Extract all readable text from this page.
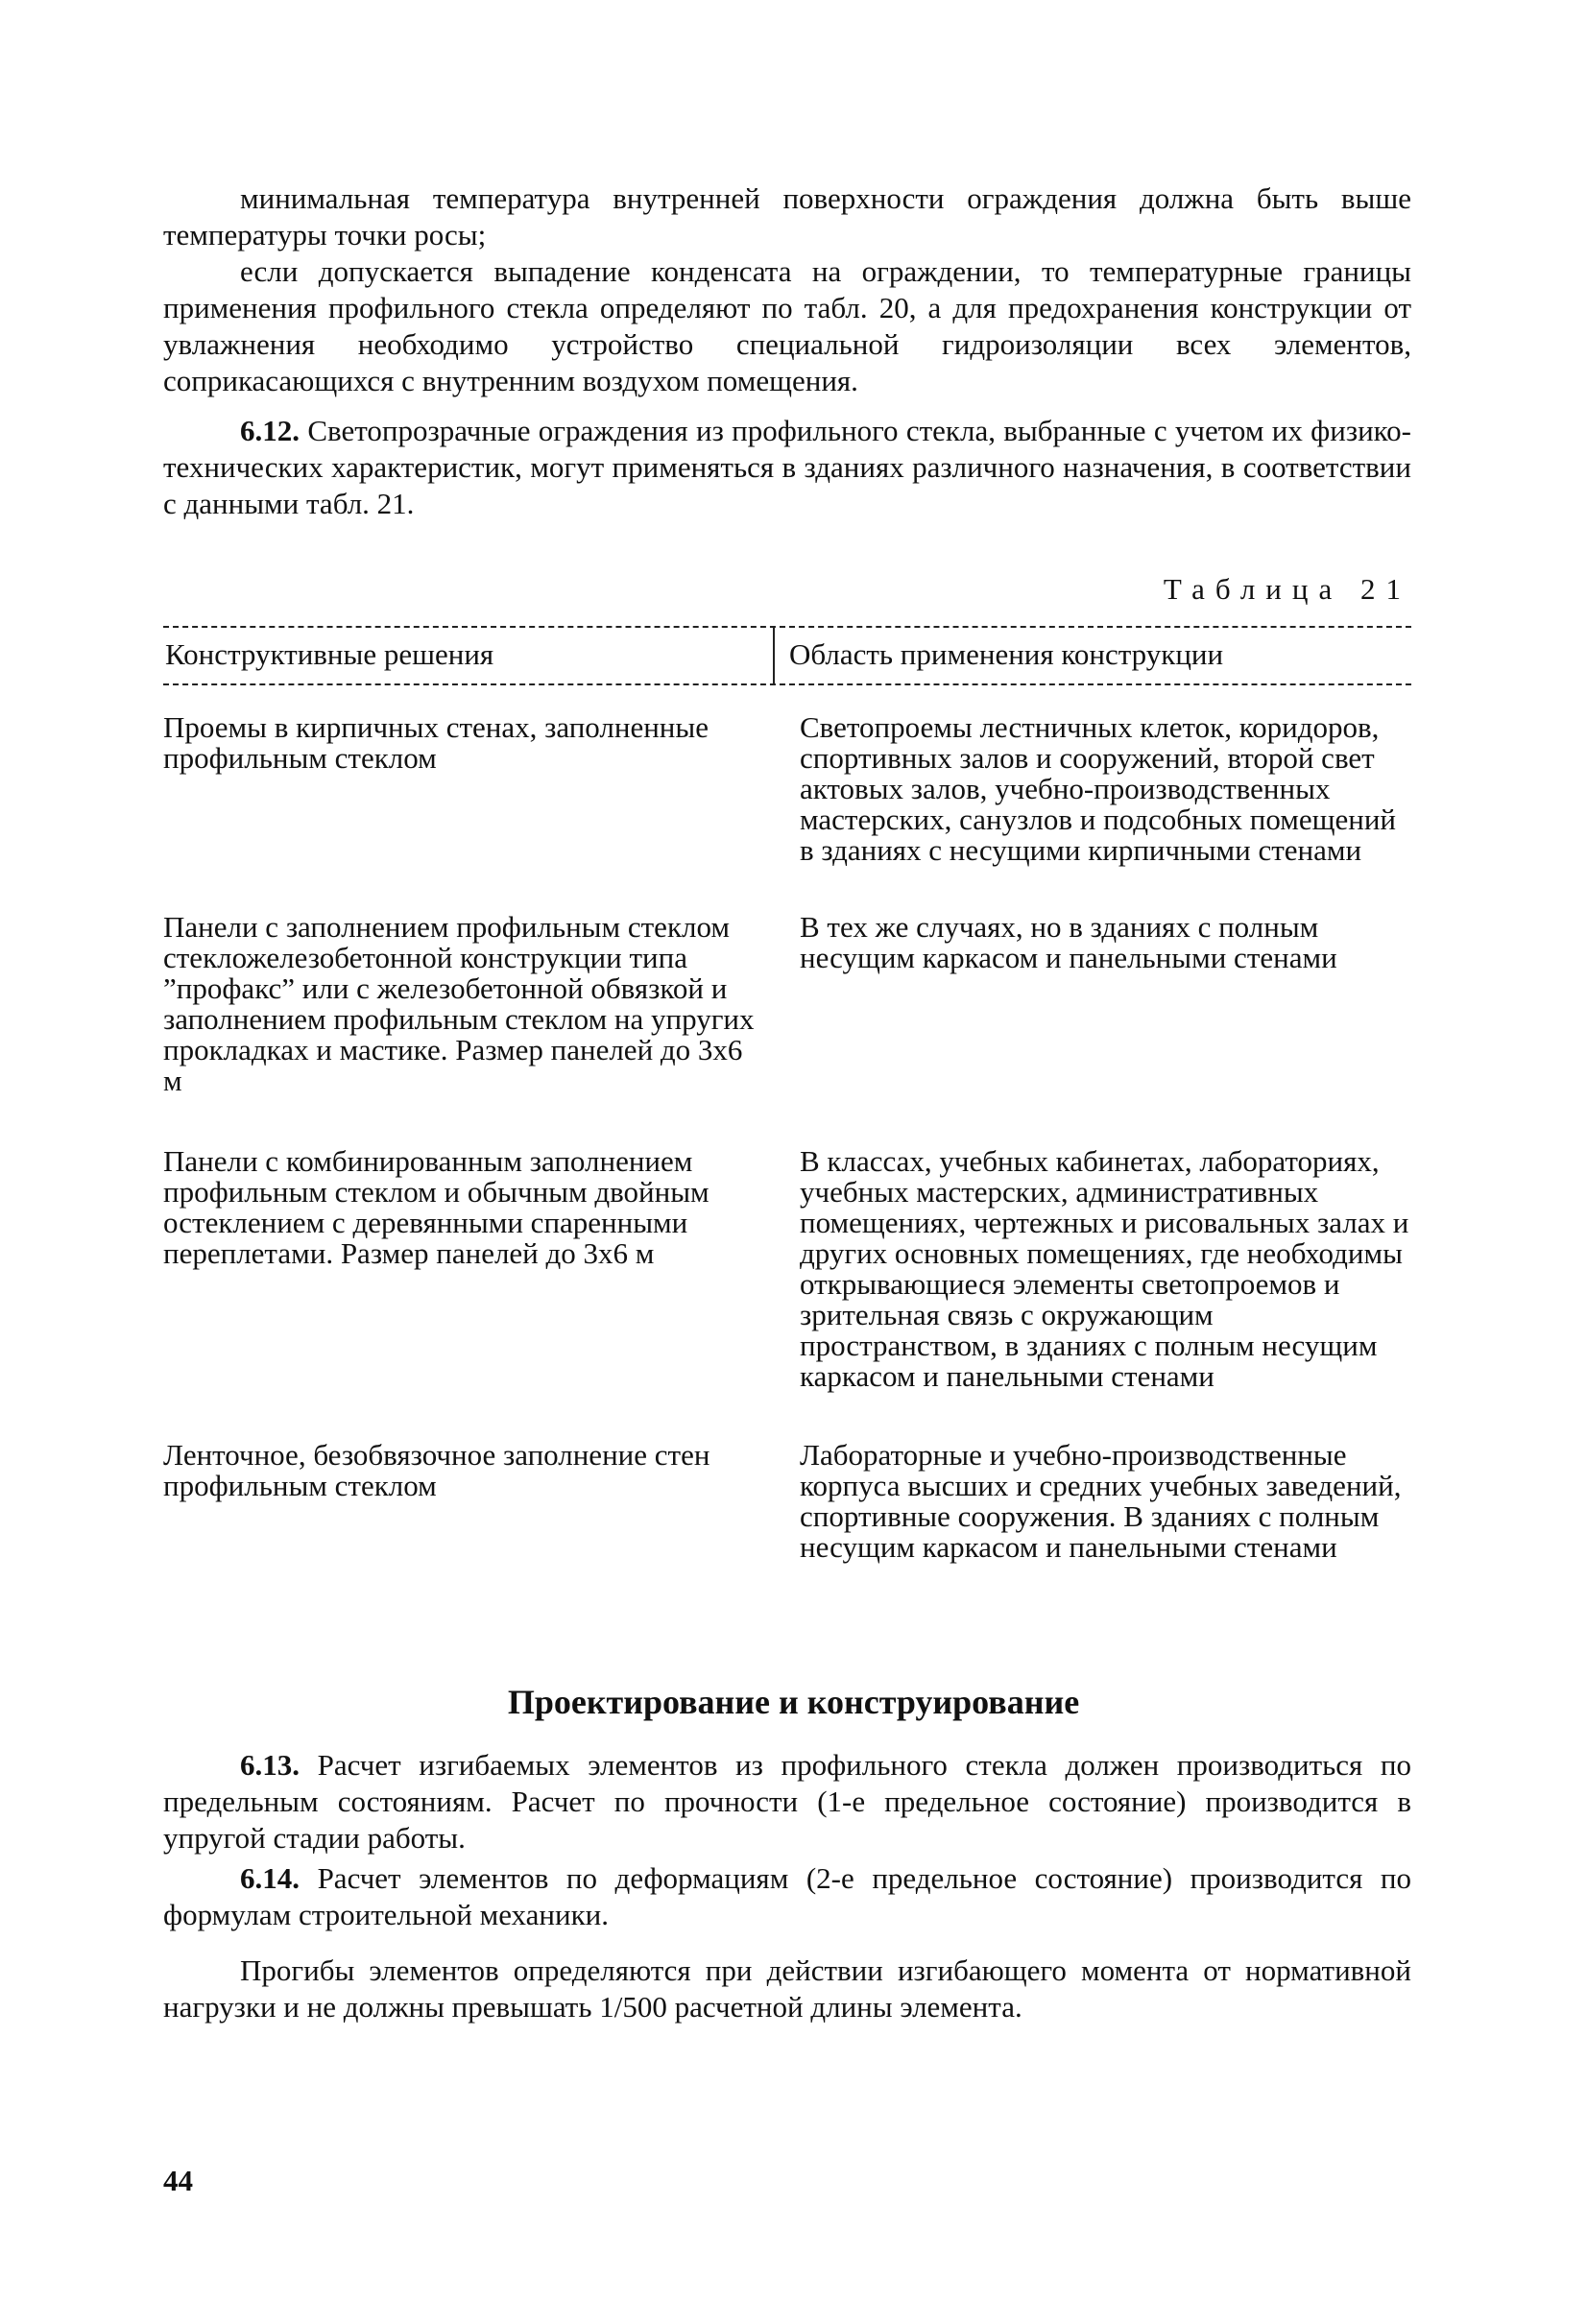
минимальная температура внутренней поверхности ограждения должна быть выше температуры точки росы;

если допускается выпадение конденсата на ограждении, то температурные границы применения профильного стекла определяют по табл. 20, а для предохранения конструкции от увлажнения необходимо устройство специальной гидроизоляции всех элементов, соприкасающихся с внутренним воздухом помещения.

6.12. Светопрозрачные ограждения из профильного стекла, выбранные с учетом их физико-технических характеристик, могут применяться в зданиях различного назначения, в соответствии с данными табл. 21.

Таблица 21

Конструктивные решения	Область применения конструкции

Проемы в кирпичных стенах, заполненные профильным стеклом

Светопроемы лестничных клеток, коридоров, спортивных залов и сооружений, второй свет актовых залов, учебно-производственных мастерских, санузлов и подсобных помещений в зданиях с несущими кирпичными стенами

Панели с заполнением профильным стеклом стекложелезобетонной конструкции типа ”профакс” или с железобетонной обвязкой и заполнением профильным стеклом на упругих прокладках и мастике. Размер панелей до 3х6 м

В тех же случаях, но в зданиях с полным несущим каркасом и панельными стенами

Панели с комбинированным заполнением профильным стеклом и обычным двойным остеклением с деревянными спаренными переплетами. Размер панелей до 3х6 м

В классах, учебных кабинетах, лабораториях, учебных мастерских, административных помещениях, чертежных и рисовальных залах и других основных помещениях, где необходимы открывающиеся элементы светопроемов и зрительная связь с окружающим пространством, в зданиях с полным несущим каркасом и панельными стенами

Ленточное, безобвязочное заполнение стен профильным стеклом

Лабораторные и учебно-производственные корпуса высших и средних учебных заведений, спортивные сооружения. В зданиях с полным несущим каркасом и панельными стенами

Проектирование и конструирование

6.13. Расчет изгибаемых элементов из профильного стекла должен производиться по предельным состояниям. Расчет по прочности (1-е предельное состояние) производится в упругой стадии работы.

6.14. Расчет элементов по деформациям (2-е предельное состояние) производится по формулам строительной механики.

Прогибы элементов определяются при действии изгибающего момента от нормативной нагрузки и не должны превышать 1/500 расчетной длины элемента.

44
